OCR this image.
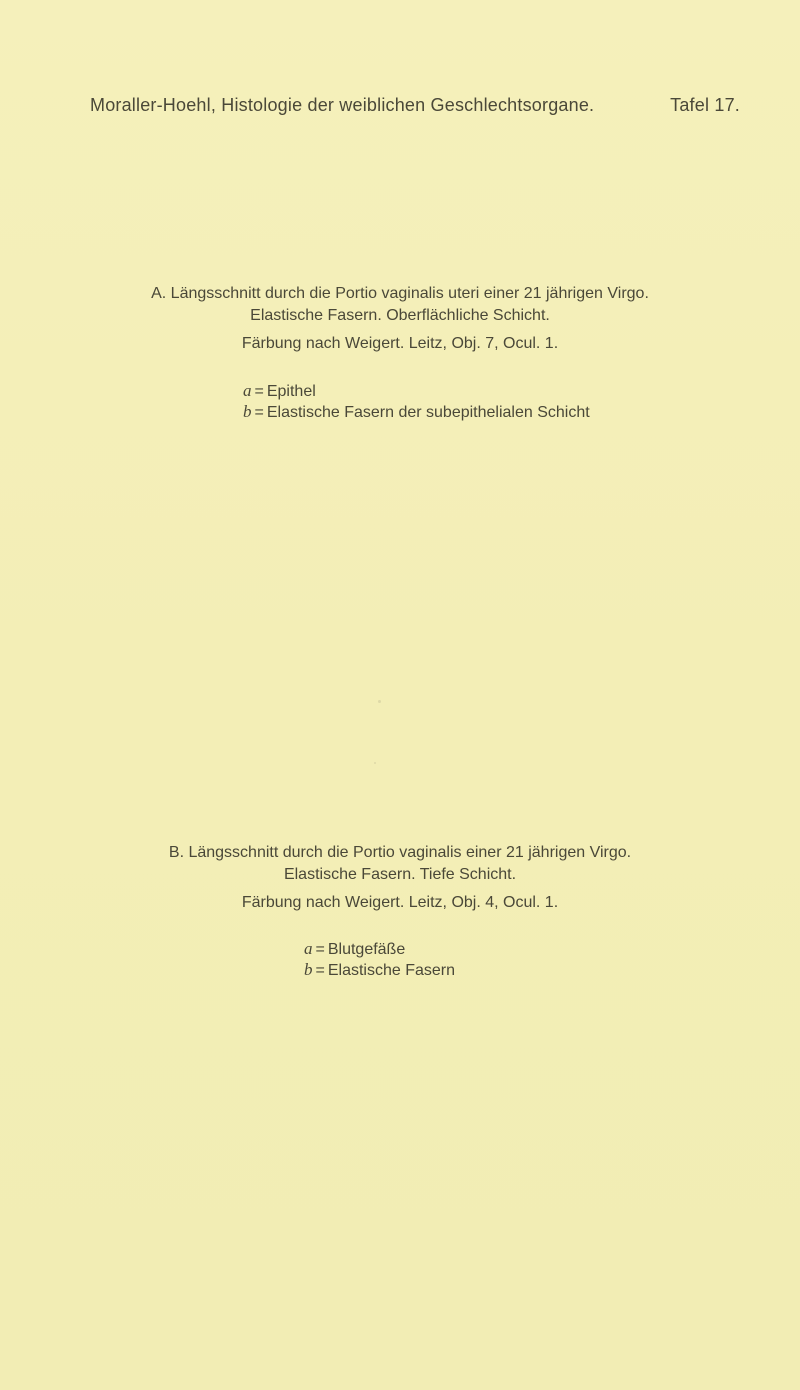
Moraller-Hoehl, Histologie der weiblichen Geschlechtsorgane.	Tafel 17.
A. Längsschnitt durch die Portio vaginalis uteri einer 21 jährigen Virgo.
Elastische Fasern. Oberflächliche Schicht.
Färbung nach Weigert. Leitz, Obj. 7, Ocul. 1.
a = Epithel
b = Elastische Fasern der subepithelialen Schicht
B. Längsschnitt durch die Portio vaginalis einer 21 jährigen Virgo.
Elastische Fasern. Tiefe Schicht.
Färbung nach Weigert. Leitz, Obj. 4, Ocul. 1.
a = Blutgefäße
b = Elastische Fasern
